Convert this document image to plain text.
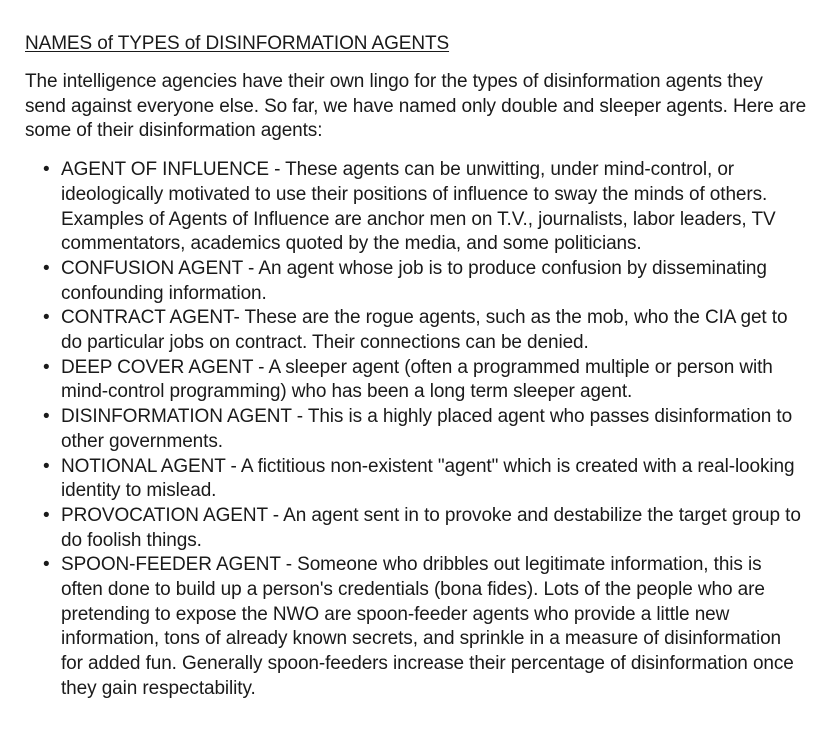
NAMES of TYPES of DISINFORMATION AGENTS

The intelligence agencies have their own lingo for the types of disinformation agents they send against everyone else. So far, we have named only double and sleeper agents. Here are some of their disinformation agents:

• AGENT OF INFLUENCE - These agents can be unwitting, under mind-control, or ideologically motivated to use their positions of influence to sway the minds of others. Examples of Agents of Influence are anchor men on T.V., journalists, labor leaders, TV commentators, academics quoted by the media, and some politicians.
• CONFUSION AGENT - An agent whose job is to produce confusion by disseminating confounding information.
• CONTRACT AGENT- These are the rogue agents, such as the mob, who the CIA get to do particular jobs on contract. Their connections can be denied.
• DEEP COVER AGENT - A sleeper agent (often a programmed multiple or person with mind-control programming) who has been a long term sleeper agent.
• DISINFORMATION AGENT - This is a highly placed agent who passes disinformation to other governments.
• NOTIONAL AGENT - A fictitious non-existent "agent" which is created with a real-looking identity to mislead.
• PROVOCATION AGENT - An agent sent in to provoke and destabilize the target group to do foolish things.
• SPOON-FEEDER AGENT - Someone who dribbles out legitimate information, this is often done to build up a person's credentials (bona fides). Lots of the people who are pretending to expose the NWO are spoon-feeder agents who provide a little new information, tons of already known secrets, and sprinkle in a measure of disinformation for added fun. Generally spoon-feeders increase their percentage of disinformation once they gain respectability.
